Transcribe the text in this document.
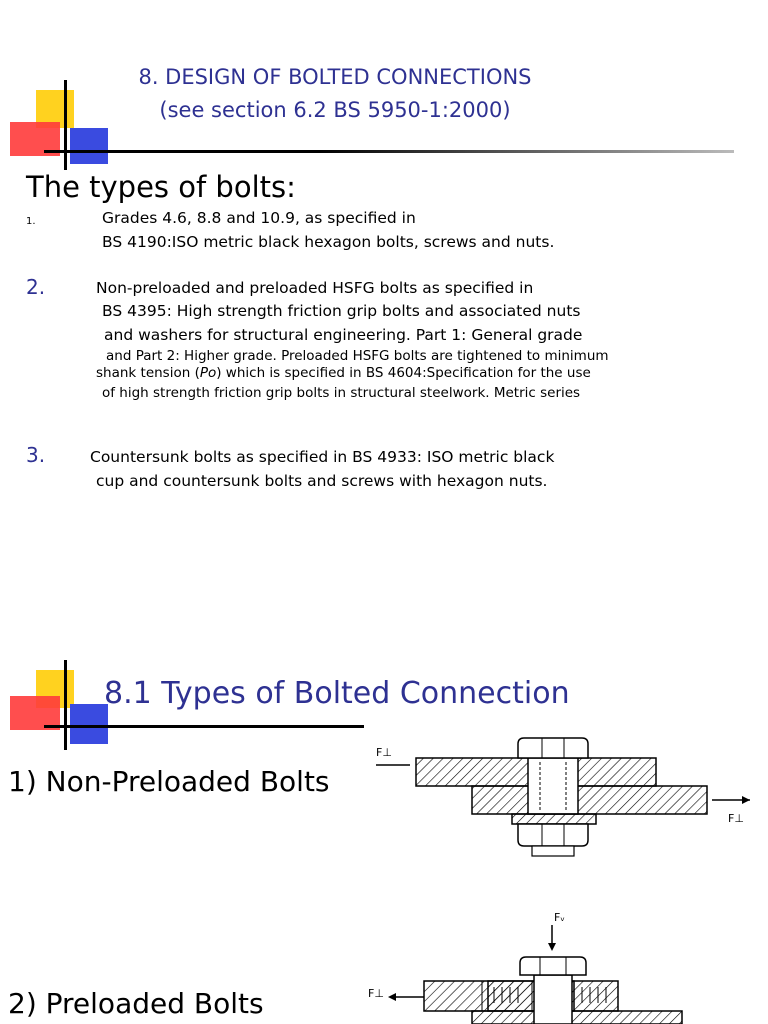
8. DESIGN OF BOLTED CONNECTIONS
(see section 6.2 BS 5950-1:2000)
The types of bolts:
1.	Grades 4.6, 8.8 and 10.9, as specified in
BS 4190:ISO metric black hexagon bolts, screws and nuts.
2.	Non-preloaded and preloaded HSFG bolts as specified in
BS 4395: High strength friction grip bolts and associated nuts
and washers for structural engineering. Part 1: General grade
and Part 2: Higher grade. Preloaded HSFG bolts are tightened to minimum
shank tension (Po) which is specified in BS 4604:Specification for the use
of high strength friction grip bolts in structural steelwork. Metric series
3.	Countersunk bolts as specified in BS 4933: ISO metric black
cup and countersunk bolts and screws with hexagon nuts.
8.1 Types of Bolted Connection
1) Non-Preloaded Bolts
2) Preloaded Bolts
F⊥
F⊥
Fᵥ
F⊥
